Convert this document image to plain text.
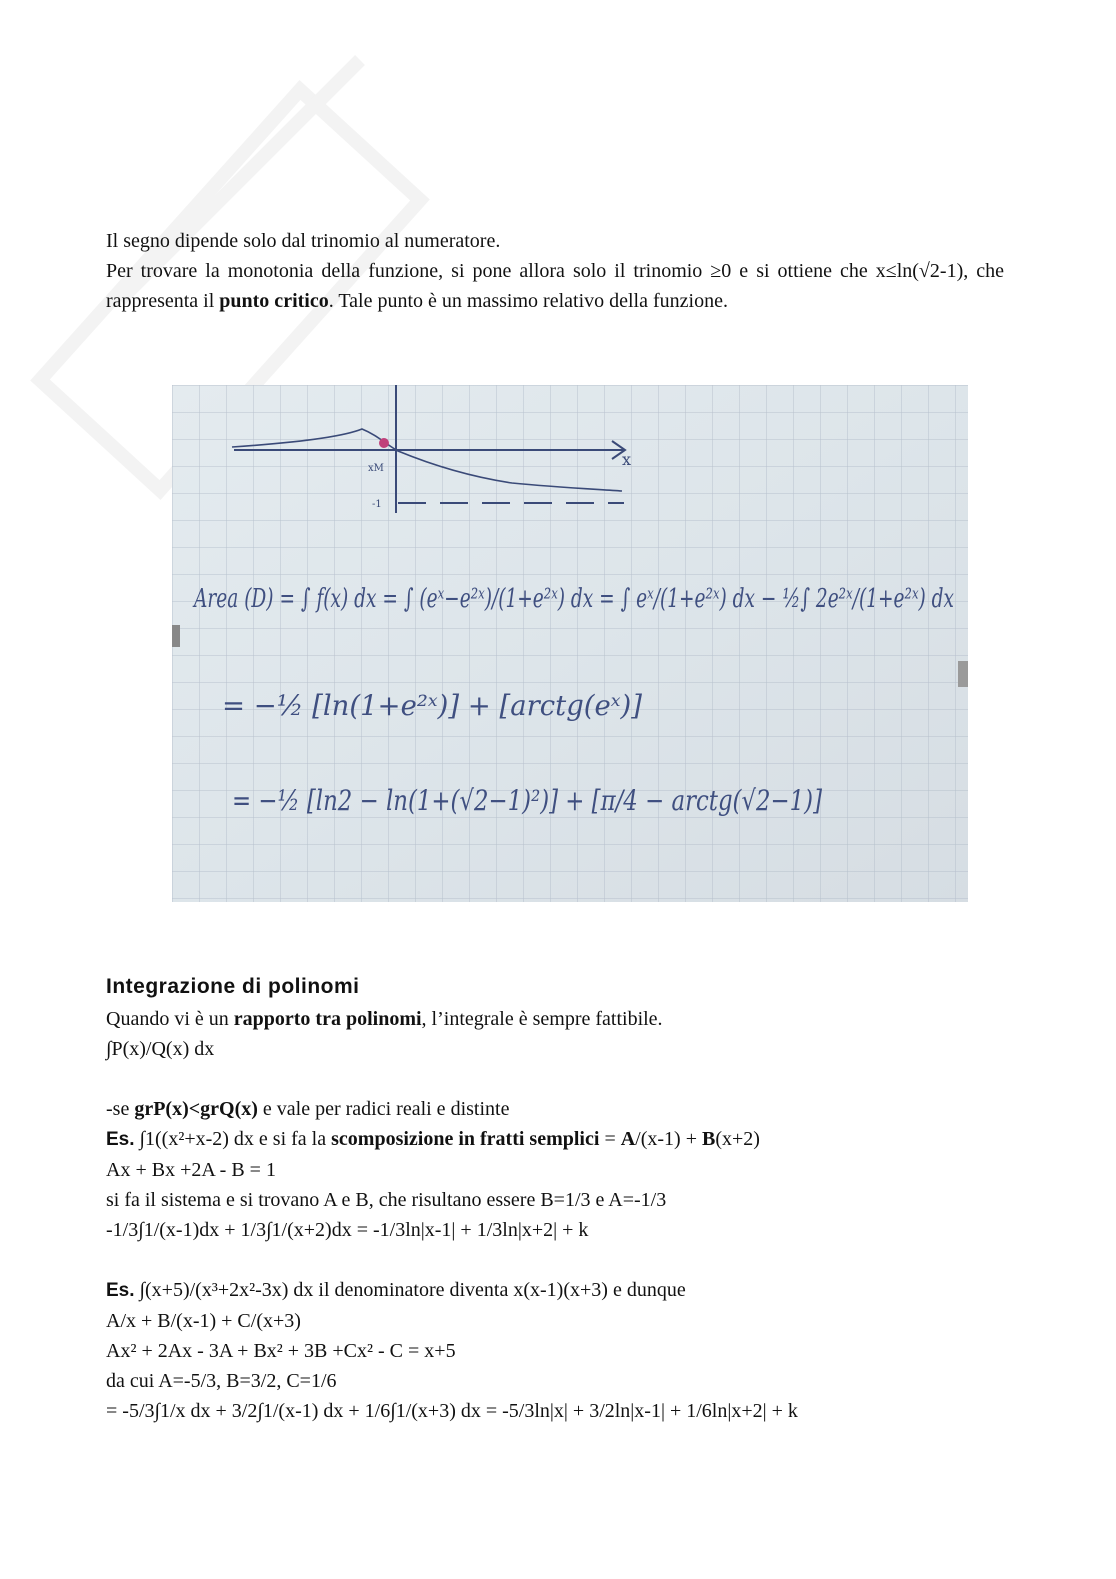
Il segno dipende solo dal trinomio al numeratore.
Per trovare la monotonia della funzione, si pone allora solo il trinomio ≥0 e si ottiene che x≤ln(√2-1), che rappresenta il punto critico. Tale punto è un massimo relativo della funzione.
x
xM
-1
Area (D) = ∫ f(x) dx = ∫ (eˣ−e²ˣ)/(1+e²ˣ) dx = ∫ eˣ/(1+e²ˣ) dx − ½∫ 2e²ˣ/(1+e²ˣ) dx
= −½ [ln(1+e²ˣ)] + [arctg(eˣ)]
= −½ [ln2 − ln(1+(√2−1)²)] + [π/4 − arctg(√2−1)]
Integrazione di polinomi
Quando vi è un rapporto tra polinomi, l’integrale è sempre fattibile.
∫P(x)/Q(x) dx

-se grP(x)<grQ(x) e vale per radici reali e distinte
Es. ∫1((x²+x-2) dx e si fa la scomposizione in fratti semplici = A/(x-1) + B(x+2)
Ax + Bx +2A - B = 1
si fa il sistema e si trovano A e B, che risultano essere B=1/3 e A=-1/3
-1/3∫1/(x-1)dx + 1/3∫1/(x+2)dx = -1/3ln|x-1| + 1/3ln|x+2| + k

Es. ∫(x+5)/(x³+2x²-3x) dx il denominatore diventa x(x-1)(x+3) e dunque
A/x + B/(x-1) + C/(x+3)
Ax² + 2Ax - 3A + Bx² + 3B +Cx² - C = x+5
da cui A=-5/3, B=3/2, C=1/6
= -5/3∫1/x dx + 3/2∫1/(x-1) dx + 1/6∫1/(x+3) dx = -5/3ln|x| + 3/2ln|x-1| + 1/6ln|x+2| + k
